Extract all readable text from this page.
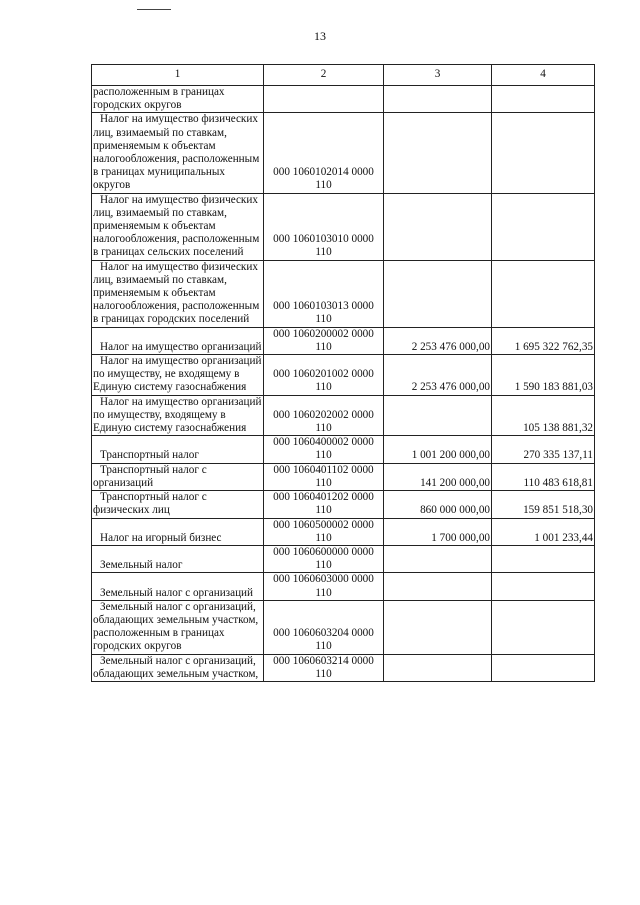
13
1	2	3	4

расположенным в границах городских округов			

Налог на имущество физических лиц, взимаемый по ставкам, применяемым к объектам налогообложения, расположенным в границах муниципальных округов	000 1060102014 0000 110		

Налог на имущество физических лиц, взимаемый по ставкам, применяемым к объектам налогообложения, расположенным в границах сельских поселений	000 1060103010 0000 110		

Налог на имущество физических лиц, взимаемый по ставкам, применяемым к объектам налогообложения, расположенным в границах городских поселений	000 1060103013 0000 110		

Налог на имущество организаций	000 1060200002 0000 110	2 253 476 000,00	1 695 322 762,35

Налог на имущество организаций по имуществу, не входящему в Единую систему газоснабжения	000 1060201002 0000 110	2 253 476 000,00	1 590 183 881,03

Налог на имущество организаций по имуществу, входящему в Единую систему газоснабжения	000 1060202002 0000 110		105 138 881,32

Транспортный налог	000 1060400002 0000 110	1 001 200 000,00	270 335 137,11

Транспортный налог с организаций	000 1060401102 0000 110	141 200 000,00	110 483 618,81

Транспортный налог с физических лиц	000 1060401202 0000 110	860 000 000,00	159 851 518,30

Налог на игорный бизнес	000 1060500002 0000 110	1 700 000,00	1 001 233,44

Земельный налог	000 1060600000 0000 110		

Земельный налог с организаций	000 1060603000 0000 110		

Земельный налог с организаций, обладающих земельным участком, расположенным в границах городских округов	000 1060603204 0000 110		

Земельный налог с организаций, обладающих земельным участком,	000 1060603214 0000 110		
